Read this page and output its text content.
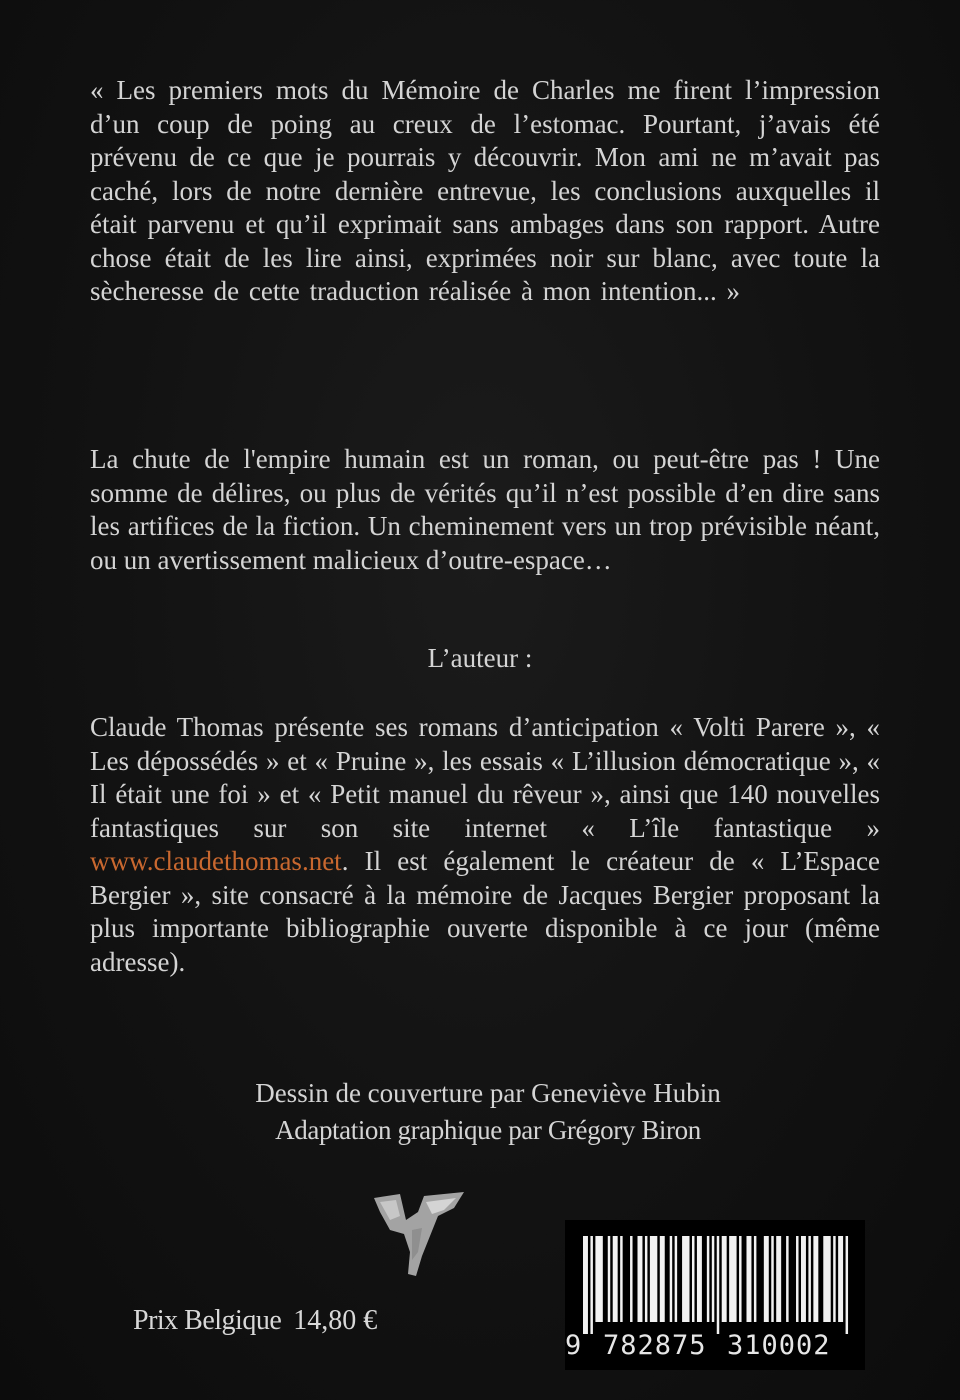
« Les premiers mots du Mémoire de Charles me firent l’impression d’un coup de poing au creux de l’estomac. Pourtant, j’avais été prévenu de ce que je pourrais y découvrir. Mon ami ne m’avait pas caché, lors de notre dernière entrevue, les conclusions auxquelles il était parvenu et qu’il exprimait sans ambages dans son rapport. Autre chose était de les lire ainsi, exprimées noir sur blanc, avec toute la sècheresse de cette traduction réalisée à mon intention... »

La chute de l'empire humain est un roman, ou peut-être pas ! Une somme de délires, ou plus de vérités qu’il n’est possible d’en dire sans les artifices de la fiction. Un cheminement vers un trop prévisible néant, ou un avertissement malicieux d’outre-espace…

L’auteur :

Claude Thomas présente ses romans d’anticipation « Volti Parere », « Les dépossédés » et « Pruine », les essais « L’illusion démocratique », « Il était une foi » et « Petit manuel du rêveur », ainsi que 140 nouvelles fantastiques sur son site internet « L’île fantastique » www.claudethomas.net. Il est également le créateur de « L’Espace Bergier », site consacré à la mémoire de Jacques Bergier proposant la plus importante bibliographie ouverte disponible à ce jour (même adresse).

Dessin de couverture par Geneviève Hubin

Adaptation graphique par Grégory Biron

Prix Belgique 14,80 €

9 782875 310002
